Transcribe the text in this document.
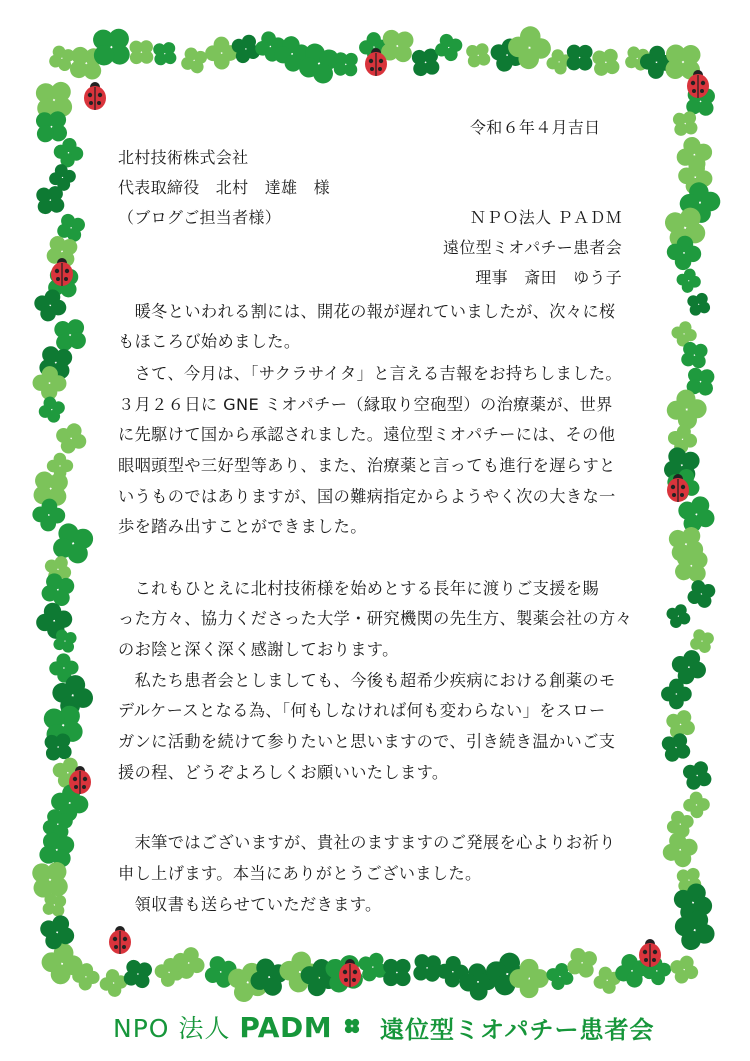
令和６年４月吉日
北村技術株式会社
代表取締役　北村　達雄　様
（ブログご担当者様）	ＮＰＯ法人 ＰＡＤＭ
遠位型ミオパチー患者会
理事　斎田　ゆう子
　暖冬といわれる割には、開花の報が遅れていましたが、次々に桜
もほころび始めました。
　さて、今月は、「サクラサイタ」と言える吉報をお持ちしました。
３月２６日に GNE ミオパチー（縁取り空砲型）の治療薬が、世界
に先駆けて国から承認されました。遠位型ミオパチーには、その他
眼咽頭型や三好型等あり、また、治療薬と言っても進行を遅らすと
いうものではありますが、国の難病指定からようやく次の大きな一
歩を踏み出すことができました。
　これもひとえに北村技術様を始めとする長年に渡りご支援を賜
った方々、協力くださった大学・研究機関の先生方、製薬会社の方々
のお陰と深く深く感謝しております。
　私たち患者会としましても、今後も超希少疾病における創薬のモ
デルケースとなる為、「何もしなければ何も変わらない」をスロー
ガンに活動を続けて参りたいと思いますので、引き続き温かいご支
援の程、どうぞよろしくお願いいたします。
　末筆ではございますが、貴社のますますのご発展を心よりお祈り
申し上げます。本当にありがとうございました。
　領収書も送らせていただきます。
NPO 法人 PADM	遠位型ミオパチー患者会
